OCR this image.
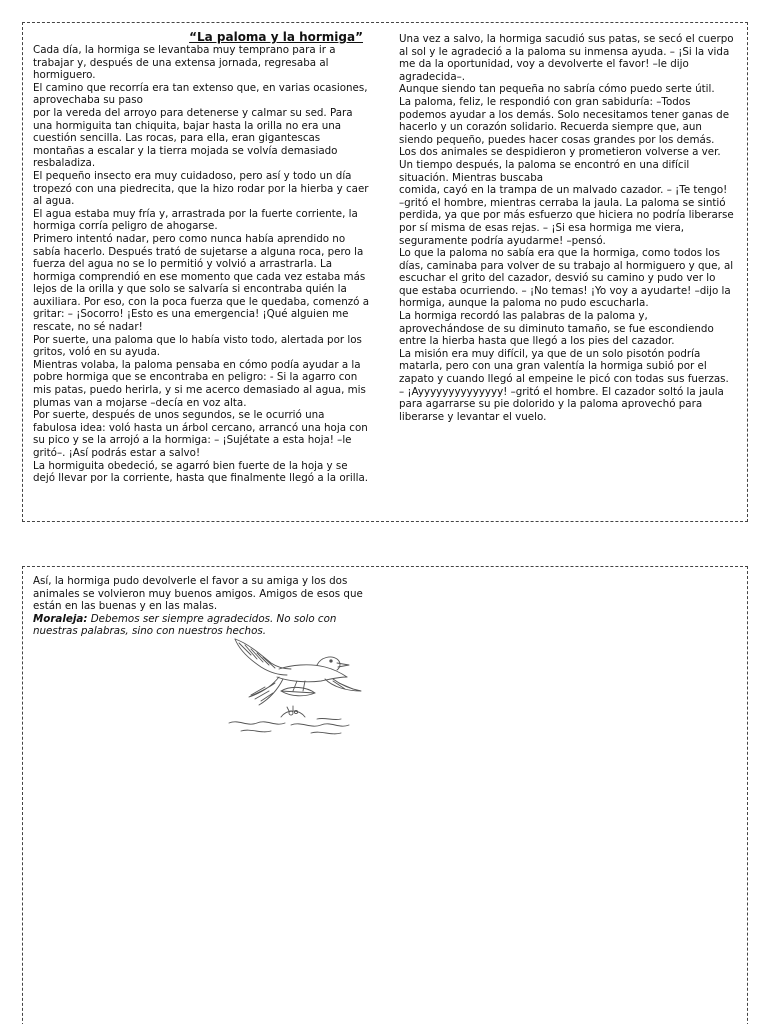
“La paloma y la hormiga”

Cada día, la hormiga se levantaba muy temprano para ir a trabajar y, después de una extensa jornada, regresaba al hormiguero.

El camino que recorría era tan extenso que, en varias ocasiones, aprovechaba su paso

por la vereda del arroyo para detenerse y calmar su sed. Para una hormiguita tan chiquita, bajar hasta la orilla no era una cuestión sencilla. Las rocas, para ella, eran gigantescas montañas a escalar y la tierra mojada se volvía demasiado resbaladiza.

El pequeño insecto era muy cuidadoso, pero así y todo un día tropezó con una piedrecita, que la hizo rodar por la hierba y caer al agua.

El agua estaba muy fría y, arrastrada por la fuerte corriente, la hormiga corría peligro de ahogarse.

Primero intentó nadar, pero como nunca había aprendido no sabía hacerlo. Después trató de sujetarse a alguna roca, pero la fuerza del agua no se lo permitió y volvió a arrastrarla. La hormiga comprendió en ese momento que cada vez estaba más lejos de la orilla y que solo se salvaría si encontraba quién la auxiliara. Por eso, con la poca fuerza que le quedaba, comenzó a gritar: – ¡Socorro! ¡Esto es una emergencia! ¡Qué alguien me rescate, no sé nadar!

Por suerte, una paloma que lo había visto todo, alertada por los gritos, voló en su ayuda.

Mientras volaba, la paloma pensaba en cómo podía ayudar a la pobre hormiga que se encontraba en peligro: - Si la agarro con mis patas, puedo herirla, y si me acerco demasiado al agua, mis plumas van a mojarse –decía en voz alta.

Por suerte, después de unos segundos, se le ocurrió una fabulosa idea: voló hasta un árbol cercano, arrancó una hoja con su pico y se la arrojó a la hormiga: – ¡Sujétate a esta hoja! –le gritó–. ¡Así podrás estar a salvo!

La hormiguita obedeció, se agarró bien fuerte de la hoja y se dejó llevar por la corriente, hasta que finalmente llegó a la orilla.

Una vez a salvo, la hormiga sacudió sus patas, se secó el cuerpo al sol y le agradeció a la paloma su inmensa ayuda. – ¡Si la vida me da la oportunidad, voy a devolverte el favor! –le dijo agradecida–.

Aunque siendo tan pequeña no sabría cómo puedo serte útil.

La paloma, feliz, le respondió con gran sabiduría: –Todos podemos ayudar a los demás. Solo necesitamos tener ganas de hacerlo y un corazón solidario. Recuerda siempre que, aun siendo pequeño, puedes hacer cosas grandes por los demás.

Los dos animales se despidieron y prometieron volverse a ver.

Un tiempo después, la paloma se encontró en una difícil situación. Mientras buscaba

comida, cayó en la trampa de un malvado cazador. – ¡Te tengo! –gritó el hombre, mientras cerraba la jaula. La paloma se sintió perdida, ya que por más esfuerzo que hiciera no podría liberarse por sí misma de esas rejas. – ¡Si esa hormiga me viera, seguramente podría ayudarme! –pensó.

Lo que la paloma no sabía era que la hormiga, como todos los días, caminaba para volver de su trabajo al hormiguero y que, al escuchar el grito del cazador, desvió su camino y pudo ver lo que estaba ocurriendo. – ¡No temas! ¡Yo voy a ayudarte! –dijo la hormiga, aunque la paloma no pudo escucharla.

La hormiga recordó las palabras de la paloma y, aprovechándose de su diminuto tamaño, se fue escondiendo entre la hierba hasta que llegó a los pies del cazador.

La misión era muy difícil, ya que de un solo pisotón podría matarla, pero con una gran valentía la hormiga subió por el zapato y cuando llegó al empeine le picó con todas sus fuerzas.

– ¡Ayyyyyyyyyyyyyy! –gritó el hombre. El cazador soltó la jaula para agarrarse su pie dolorido y la paloma aprovechó para liberarse y levantar el vuelo.

Así, la hormiga pudo devolverle el favor a su amiga y los dos animales se volvieron muy buenos amigos. Amigos de esos que están en las buenas y en las malas.

Moraleja: Debemos ser siempre agradecidos. No solo con nuestras palabras, sino con nuestros hechos.
